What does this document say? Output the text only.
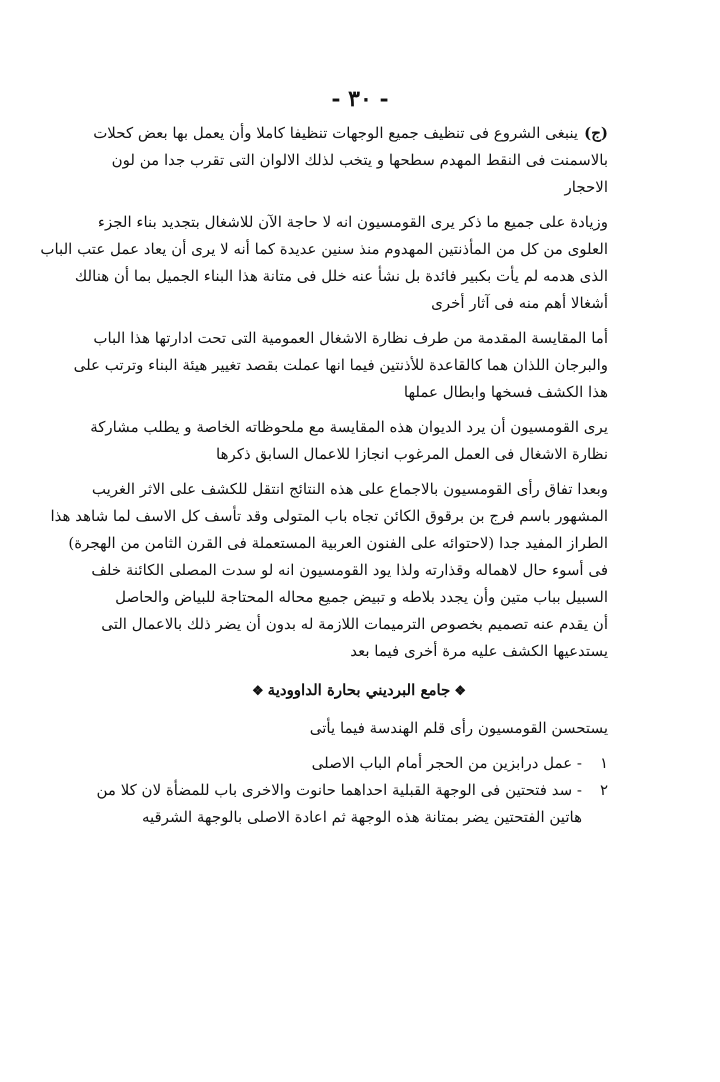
- ٣٠ -
(ج)ينبغى الشروع فى تنظيف جميع الوجهات تنظيفا كاملا وأن يعمل بها بعض كحلات
بالاسمنت فى النقط المهدم سطحها و يتخب لذلك الالوان التى تقرب جدا من لون
الاحجار
وزيادة على جميع ما ذكر يرى القومسيون انه لا حاجة الآن للاشغال بتجديد بناء الجزء
العلوى من كل من المأذنتين المهدوم منذ سنين عديدة كما أنه لا يرى أن يعاد عمل عتب الباب
الذى هدمه لم يأت بكبير فائدة بل نشأ عنه خلل فى متانة هذا البناء الجميل بما أن هنالك
أشغالا أهم منه فى آثار أخرى
أما المقايسة المقدمة من طرف نظارة الاشغال العمومية التى تحت ادارتها هذا الباب
والبرجان اللذان هما كالقاعدة للأذنتين فيما انها عملت بقصد تغيير هيئة البناء وترتب على
هذا الكشف فسخها وابطال عملها
يرى القومسيون أن يرد الديوان هذه المقايسة مع ملحوظاته الخاصة و يطلب مشاركة
نظارة الاشغال فى العمل المرغوب انجازا للاعمال السابق ذكرها
وبعدا تفاق رأى القومسيون بالاجماع على هذه النتائج انتقل للكشف على الاثر الغريب
المشهور باسم فرج بن برقوق الكائن تجاه باب المتولى وقد تأسف كل الاسف لما شاهد هذا
الطراز المفيد جدا (لاحتوائه على الفنون العربية المستعملة فى القرن الثامن من الهجرة)
فى أسوء حال لاهماله وقذارته ولذا يود القومسيون انه لو سدت المصلى الكائنة خلف
السبيل بباب متين وأن يجدد بلاطه و تبيض جميع محاله المحتاجة للبياض والحاصل
أن يقدم عنه تصميم بخصوص الترميمات اللازمة له بدون أن يضر ذلك بالاعمال التى
يستدعيها الكشف عليه مرة أخرى فيما بعد
❖جامع البرديني بحارة الداوودية❖
يستحسن القومسيون رأى قلم الهندسة فيما يأتى
١
- عمل درابزين من الحجر أمام الباب الاصلى
٢
- سد فتحتين فى الوجهة القبلية احداهما حانوت والاخرى باب للمضأة لان كلا من
هاتين الفتحتين يضر بمتانة هذه الوجهة ثم اعادة الاصلى بالوجهة الشرقيه
